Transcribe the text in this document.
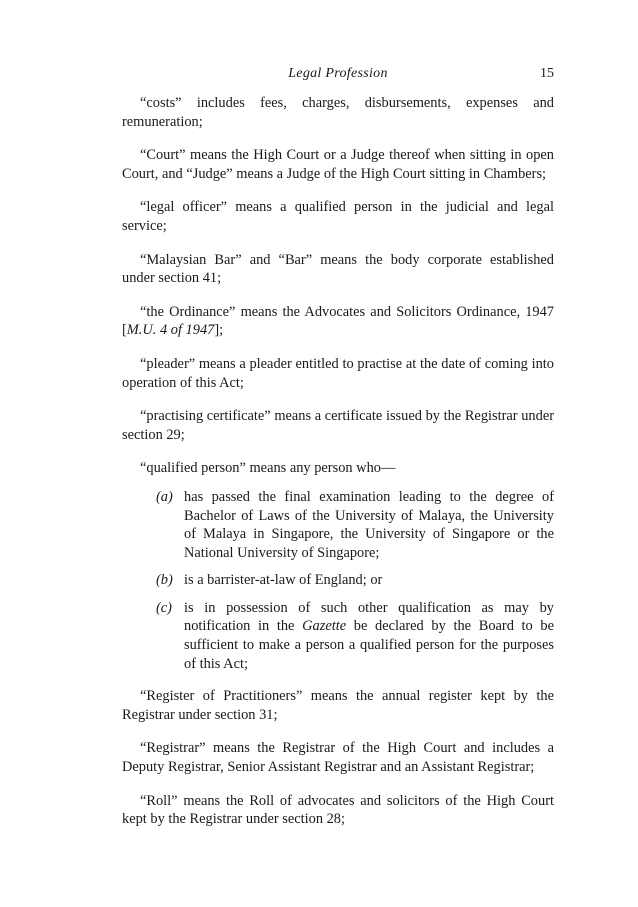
Legal Profession	15

“costs” includes fees, charges, disbursements, expenses and remuneration;

“Court” means the High Court or a Judge thereof when sitting in open Court, and “Judge” means a Judge of the High Court sitting in Chambers;

“legal officer” means a qualified person in the judicial and legal service;

“Malaysian Bar” and “Bar” means the body corporate established under section 41;

“the Ordinance” means the Advocates and Solicitors Ordinance, 1947 [M.U. 4 of 1947];

“pleader” means a pleader entitled to practise at the date of coming into operation of this Act;

“practising certificate” means a certificate issued by the Registrar under section 29;

“qualified person” means any person who—

(a) has passed the final examination leading to the degree of Bachelor of Laws of the University of Malaya, the University of Malaya in Singapore, the University of Singapore or the National University of Singapore;
(b) is a barrister-at-law of England; or
(c) is in possession of such other qualification as may by notification in the Gazette be declared by the Board to be sufficient to make a person a qualified person for the purposes of this Act;

“Register of Practitioners” means the annual register kept by the Registrar under section 31;

“Registrar” means the Registrar of the High Court and includes a Deputy Registrar, Senior Assistant Registrar and an Assistant Registrar;

“Roll” means the Roll of advocates and solicitors of the High Court kept by the Registrar under section 28;
